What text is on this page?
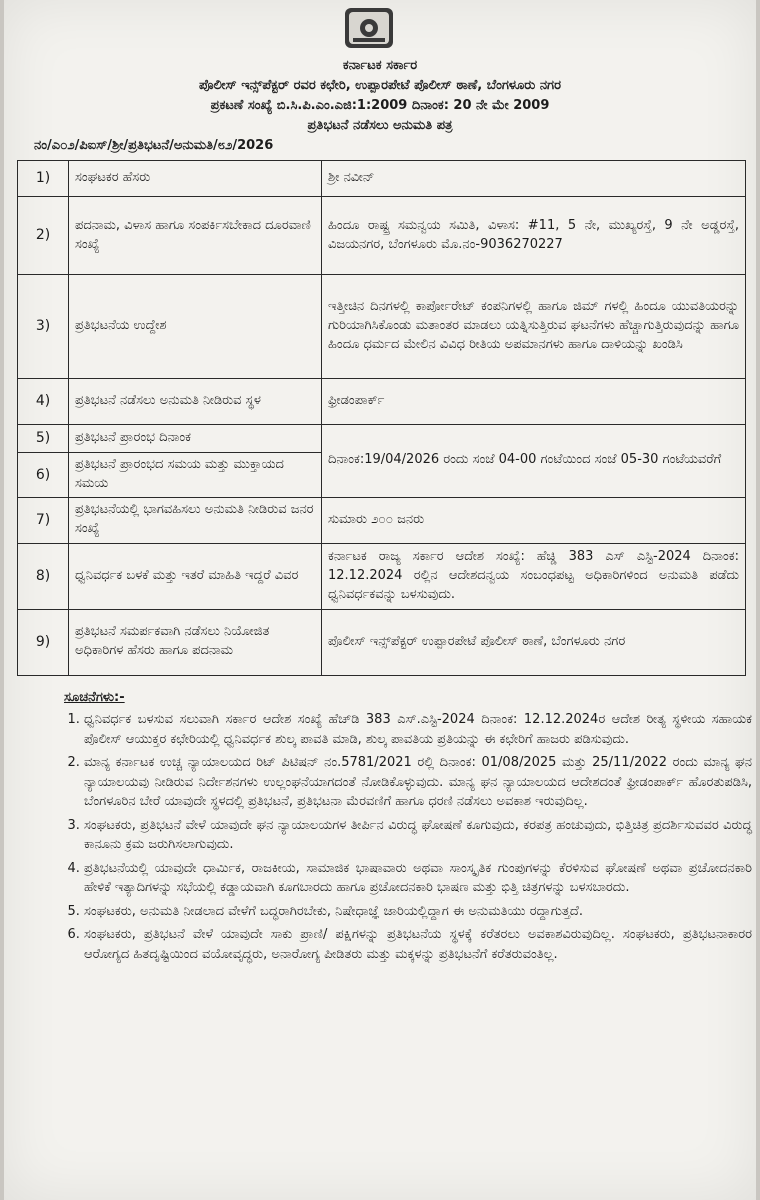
ಕರ್ನಾಟಕ ಸರ್ಕಾರ
ಪೊಲೀಸ್ ಇನ್ಸ್‌ಪೆಕ್ಟರ್ ರವರ ಕಛೇರಿ, ಉಪ್ಪಾರಪೇಟೆ ಪೊಲೀಸ್ ಠಾಣೆ, ಬೆಂಗಳೂರು ನಗರ
ಪ್ರಕಟಣೆ ಸಂಖ್ಯೆ ಬಿ.ಸಿ.ಪಿ.ಎಂ.ಎಜಿ:1:2009 ದಿನಾಂಕ: 20 ನೇ ಮೇ 2009
ಪ್ರತಿಭಟನೆ ನಡೆಸಲು ಅನುಮತಿ ಪತ್ರ
ನಂ/ಎ೦೨/ಪಿಐಸ್/ಶ್ರೀ/ಪ್ರತಿಭಟನೆ/ಅನುಮತಿ/೮೨/2026
1)	ಸಂಘಟಕರ ಹೆಸರು	ಶ್ರೀ ನವೀನ್
2)	ಪದನಾಮ, ವಿಳಾಸ ಹಾಗೂ ಸಂಪರ್ಕಿಸಬೇಕಾದ ದೂರವಾಣಿ ಸಂಖ್ಯೆ	ಹಿಂದೂ ರಾಷ್ಟ್ರ ಸಮನ್ವಯ ಸಮಿತಿ, ವಿಳಾಸ: #11, 5 ನೇ, ಮುಖ್ಯರಸ್ತೆ, 9 ನೇ ಅಡ್ಡರಸ್ತೆ, ವಿಜಯನಗರ, ಬೆಂಗಳೂರು ಮೊ.ನಂ-9036270227
3)	ಪ್ರತಿಭಟನೆಯ ಉದ್ದೇಶ	ಇತ್ತೀಚಿನ ದಿನಗಳಲ್ಲಿ ಕಾರ್ಪೋರೇಟ್ ಕಂಪನಿಗಳಲ್ಲಿ ಹಾಗೂ ಜಿಮ್ ಗಳಲ್ಲಿ ಹಿಂದೂ ಯುವತಿಯರನ್ನು ಗುರಿಯಾಗಿಸಿಕೊಂಡು ಮತಾಂತರ ಮಾಡಲು ಯತ್ನಿಸುತ್ತಿರುವ ಘಟನೆಗಳು ಹೆಚ್ಚಾಗುತ್ತಿರುವುದನ್ನು ಹಾಗೂ ಹಿಂದೂ ಧರ್ಮದ ಮೇಲಿನ ವಿವಿಧ ರೀತಿಯ ಅಪಮಾನಗಳು ಹಾಗೂ ದಾಳಿಯನ್ನು ಖಂಡಿಸಿ
4)	ಪ್ರತಿಭಟನೆ ನಡೆಸಲು ಅನುಮತಿ ನೀಡಿರುವ ಸ್ಥಳ	ಫ್ರೀಡಂಪಾರ್ಕ್
5)	ಪ್ರತಿಭಟನೆ ಪ್ರಾರಂಭ ದಿನಾಂಕ	ದಿನಾಂಕ:19/04/2026 ರಂದು ಸಂಜೆ 04-00 ಗಂಟೆಯಿಂದ ಸಂಜೆ 05-30 ಗಂಟೆಯವರೆಗೆ
6)	ಪ್ರತಿಭಟನೆ ಪ್ರಾರಂಭದ ಸಮಯ ಮತ್ತು ಮುಕ್ತಾಯದ ಸಮಯ	
7)	ಪ್ರತಿಭಟನೆಯಲ್ಲಿ ಭಾಗವಹಿಸಲು ಅನುಮತಿ ನೀಡಿರುವ ಜನರ ಸಂಖ್ಯೆ	ಸುಮಾರು ೨೦೦ ಜನರು
8)	ಧ್ವನಿವರ್ಧಕ ಬಳಕೆ ಮತ್ತು ಇತರೆ ಮಾಹಿತಿ ಇದ್ದರೆ ವಿವರ	ಕರ್ನಾಟಕ ರಾಜ್ಯ ಸರ್ಕಾರ ಆದೇಶ ಸಂಖ್ಯೆ: ಹೆಚ್ಡಿ 383 ಎಸ್ ಎಸ್ಟಿ-2024 ದಿನಾಂಕ: 12.12.2024 ರಲ್ಲಿನ ಆದೇಶದನ್ವಯ ಸಂಬಂಧಪಟ್ಟ ಅಧಿಕಾರಿಗಳಿಂದ ಅನುಮತಿ ಪಡೆದು ಧ್ವನಿವರ್ಧಕವನ್ನು ಬಳಸುವುದು.
9)	ಪ್ರತಿಭಟನೆ ಸಮರ್ಪಕವಾಗಿ ನಡೆಸಲು ನಿಯೋಜಿತ ಅಧಿಕಾರಿಗಳ ಹೆಸರು ಹಾಗೂ ಪದನಾಮ	ಪೊಲೀಸ್ ಇನ್ಸ್‌ಪೆಕ್ಟರ್ ಉಪ್ಪಾರಪೇಟೆ ಪೊಲೀಸ್ ಠಾಣೆ, ಬೆಂಗಳೂರು ನಗರ
ಸೂಚನೆಗಳು:-
1. ಧ್ವನಿವರ್ಧಕ ಬಳಸುವ ಸಲುವಾಗಿ ಸರ್ಕಾರ ಆದೇಶ ಸಂಖ್ಯೆ ಹೆಚ್‌ಡಿ 383 ಎಸ್.ಎಸ್ಟಿ-2024 ದಿನಾಂಕ: 12.12.2024ರ ಆದೇಶ ರೀತ್ಯ ಸ್ಥಳೀಯ ಸಹಾಯಕ ಪೊಲೀಸ್ ಆಯುಕ್ತರ ಕಛೇರಿಯಲ್ಲಿ ಧ್ವನಿವರ್ಧಕ ಶುಲ್ಕ ಪಾವತಿ ಮಾಡಿ, ಶುಲ್ಕ ಪಾವತಿಯ ಪ್ರತಿಯನ್ನು ಈ ಕಛೇರಿಗೆ ಹಾಜರು ಪಡಿಸುವುದು.
2. ಮಾನ್ಯ ಕರ್ನಾಟಕ ಉಚ್ಚ ನ್ಯಾಯಾಲಯದ ರಿಟ್ ಪಿಟಿಷನ್ ನಂ.5781/2021 ರಲ್ಲಿ ದಿನಾಂಕ: 01/08/2025 ಮತ್ತು 25/11/2022 ರಂದು ಮಾನ್ಯ ಘನ ನ್ಯಾಯಾಲಯವು ನೀಡಿರುವ ನಿರ್ದೇಶನಗಳು ಉಲ್ಲಂಘನೆಯಾಗದಂತೆ ನೋಡಿಕೊಳ್ಳುವುದು. ಮಾನ್ಯ ಘನ ನ್ಯಾಯಾಲಯದ ಆದೇಶದಂತೆ ಫ್ರೀಡಂಪಾರ್ಕ್ ಹೊರತುಪಡಿಸಿ, ಬೆಂಗಳೂರಿನ ಬೇರೆ ಯಾವುದೇ ಸ್ಥಳದಲ್ಲಿ ಪ್ರತಿಭಟನೆ, ಪ್ರತಿಭಟನಾ ಮೆರವಣಿಗೆ ಹಾಗೂ ಧರಣಿ ನಡೆಸಲು ಅವಕಾಶ ಇರುವುದಿಲ್ಲ.
3. ಸಂಘಟಕರು, ಪ್ರತಿಭಟನೆ ವೇಳೆ ಯಾವುದೇ ಘನ ನ್ಯಾಯಾಲಯಗಳ ತೀರ್ಪಿನ ವಿರುದ್ಧ ಘೋಷಣೆ ಕೂಗುವುದು, ಕರಪತ್ರ ಹಂಚುವುದು, ಭಿತ್ತಿಚಿತ್ರ ಪ್ರದರ್ಶಿಸುವವರ ವಿರುದ್ಧ ಕಾನೂನು ಕ್ರಮ ಜರುಗಿಸಲಾಗುವುದು.
4. ಪ್ರತಿಭಟನೆಯಲ್ಲಿ ಯಾವುದೇ ಧಾರ್ಮಿಕ, ರಾಜಕೀಯ, ಸಾಮಾಜಿಕ ಭಾಷಾವಾರು ಅಥವಾ ಸಾಂಸ್ಕೃತಿಕ ಗುಂಪುಗಳನ್ನು ಕೆರಳಿಸುವ ಘೋಷಣೆ ಅಥವಾ ಪ್ರಚೋದನಕಾರಿ ಹೇಳಿಕೆ ಇತ್ಯಾದಿಗಳನ್ನು ಸಭೆಯಲ್ಲಿ ಕಡ್ಡಾಯವಾಗಿ ಕೂಗಬಾರದು ಹಾಗೂ ಪ್ರಚೋದನಕಾರಿ ಭಾಷಣ ಮತ್ತು ಭಿತ್ತಿ ಚಿತ್ರಗಳನ್ನು ಬಳಸಬಾರದು.
5. ಸಂಘಟಕರು, ಅನುಮತಿ ನೀಡಲಾದ ವೇಳೆಗೆ ಬದ್ಧರಾಗಿರಬೇಕು, ನಿಷೇಧಾಜ್ಞೆ ಜಾರಿಯಲ್ಲಿದ್ದಾಗ ಈ ಅನುಮತಿಯು ರದ್ದಾಗುತ್ತದೆ.
6. ಸಂಘಟಕರು, ಪ್ರತಿಭಟನೆ ವೇಳೆ ಯಾವುದೇ ಸಾಕು ಪ್ರಾಣಿ/ ಪಕ್ಷಿಗಳನ್ನು ಪ್ರತಿಭಟನೆಯ ಸ್ಥಳಕ್ಕೆ ಕರೆತರಲು ಅವಕಾಶವಿರುವುದಿಲ್ಲ. ಸಂಘಟಕರು, ಪ್ರತಿಭಟನಾಕಾರರ ಆರೋಗ್ಯದ ಹಿತದೃಷ್ಟಿಯಿಂದ ವಯೋವೃದ್ಧರು, ಅನಾರೋಗ್ಯ ಪೀಡಿತರು ಮತ್ತು ಮಕ್ಕಳನ್ನು ಪ್ರತಿಭಟನೆಗೆ ಕರೆತರುವಂತಿಲ್ಲ.
